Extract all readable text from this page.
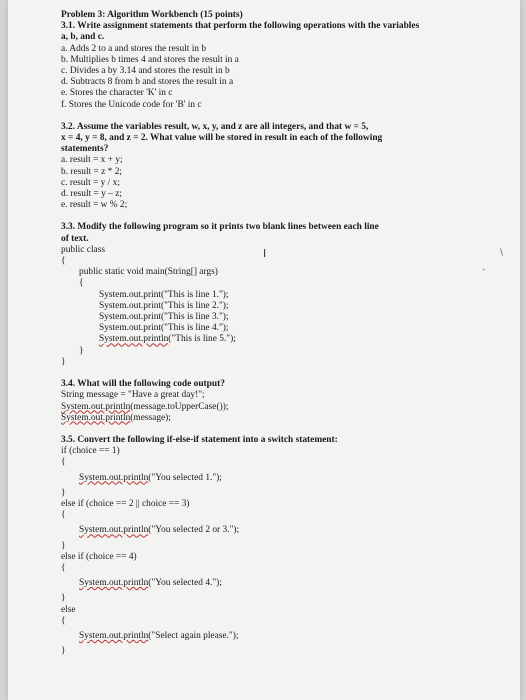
Problem 3: Algorithm Workbench (15 points)
3.1. Write assignment statements that perform the following operations with the variables
a, b, and c.
a. Adds 2 to a and stores the result in b
b. Multiplies b times 4 and stores the result in a
c. Divides a by 3.14 and stores the result in b
d. Subtracts 8 from b and stores the result in a
e. Stores the character 'K' in c
f. Stores the Unicode code for 'B' in c
3.2. Assume the variables result, w, x, y, and z are all integers, and that w = 5,
x = 4, y = 8, and z = 2. What value will be stored in result in each of the following
statements?
a. result = x + y;
b. result = z * 2;
c. result = y / x;
d. result = y – z;
e. result = w % 2;
3.3. Modify the following program so it prints two blank lines between each line
of text.
public class
{
public static void main(String[] args)
{
System.out.print("This is line 1.");
System.out.print("This is line 2.");
System.out.print("This is line 3.");
System.out.print("This is line 4.");
System.out.println("This is line 5.");
}
}
3.4. What will the following code output?
String message = "Have a great day!";
System.out.println(message.toUpperCase());
System.out.println(message);
3.5. Convert the following if-else-if statement into a switch statement:
if (choice == 1)
{
System.out.println("You selected 1.");
}
else if (choice == 2 || choice == 3)
{
System.out.println("You selected 2 or 3.");
}
else if (choice == 4)
{
System.out.println("You selected 4.");
}
else
{
System.out.println("Select again please.");
}
Ι	\
-
